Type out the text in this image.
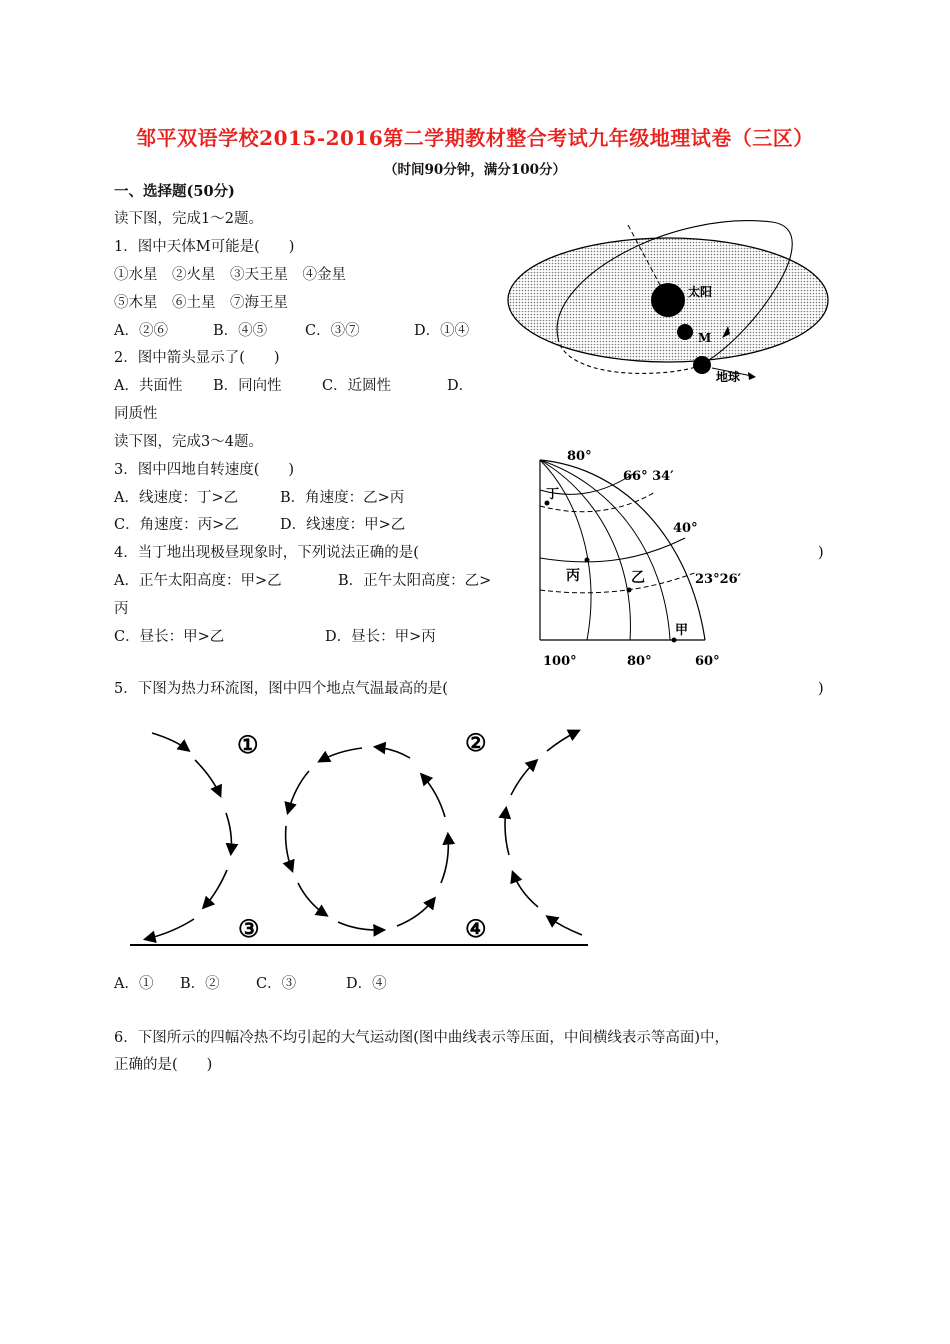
邹平双语学校2015-2016第二学期教材整合考试九年级地理试卷（三区）
（时间90分钟，满分100分）
一、选择题(50分)
读下图，完成1～2题。
1．图中天体M可能是(　　)
①水星　②火星　③天王星　④金星
⑤木星　⑥土星　⑦海王星
A．②⑥	B．④⑤	C．③⑦	D．①④
2．图中箭头显示了(　　)
A．共面性 B．同向性	C．近圆性	D．
同质性
读下图，完成3～4题。
3．图中四地自转速度(　　)
A．线速度：丁>乙	B．角速度：乙>丙
C．角速度：丙>乙	D．线速度：甲>乙
4．当丁地出现极昼现象时，下列说法正确的是(	)
A．正午太阳高度：甲>乙	B．正午太阳高度：乙>
丙
C．昼长：甲>乙	D．昼长：甲>丙
5．下图为热力环流图，图中四个地点气温最高的是(	)
A．① B．②	C．③	D．④
6．下图所示的四幅冷热不均引起的大气运动图(图中曲线表示等压面，中间横线表示等高面)中，
正确的是(　　)
太阳
M
地球
80°
66° 34′
40°
23°26′
100°	80°	60°
丁
丙	乙
甲
①	②
③	④
